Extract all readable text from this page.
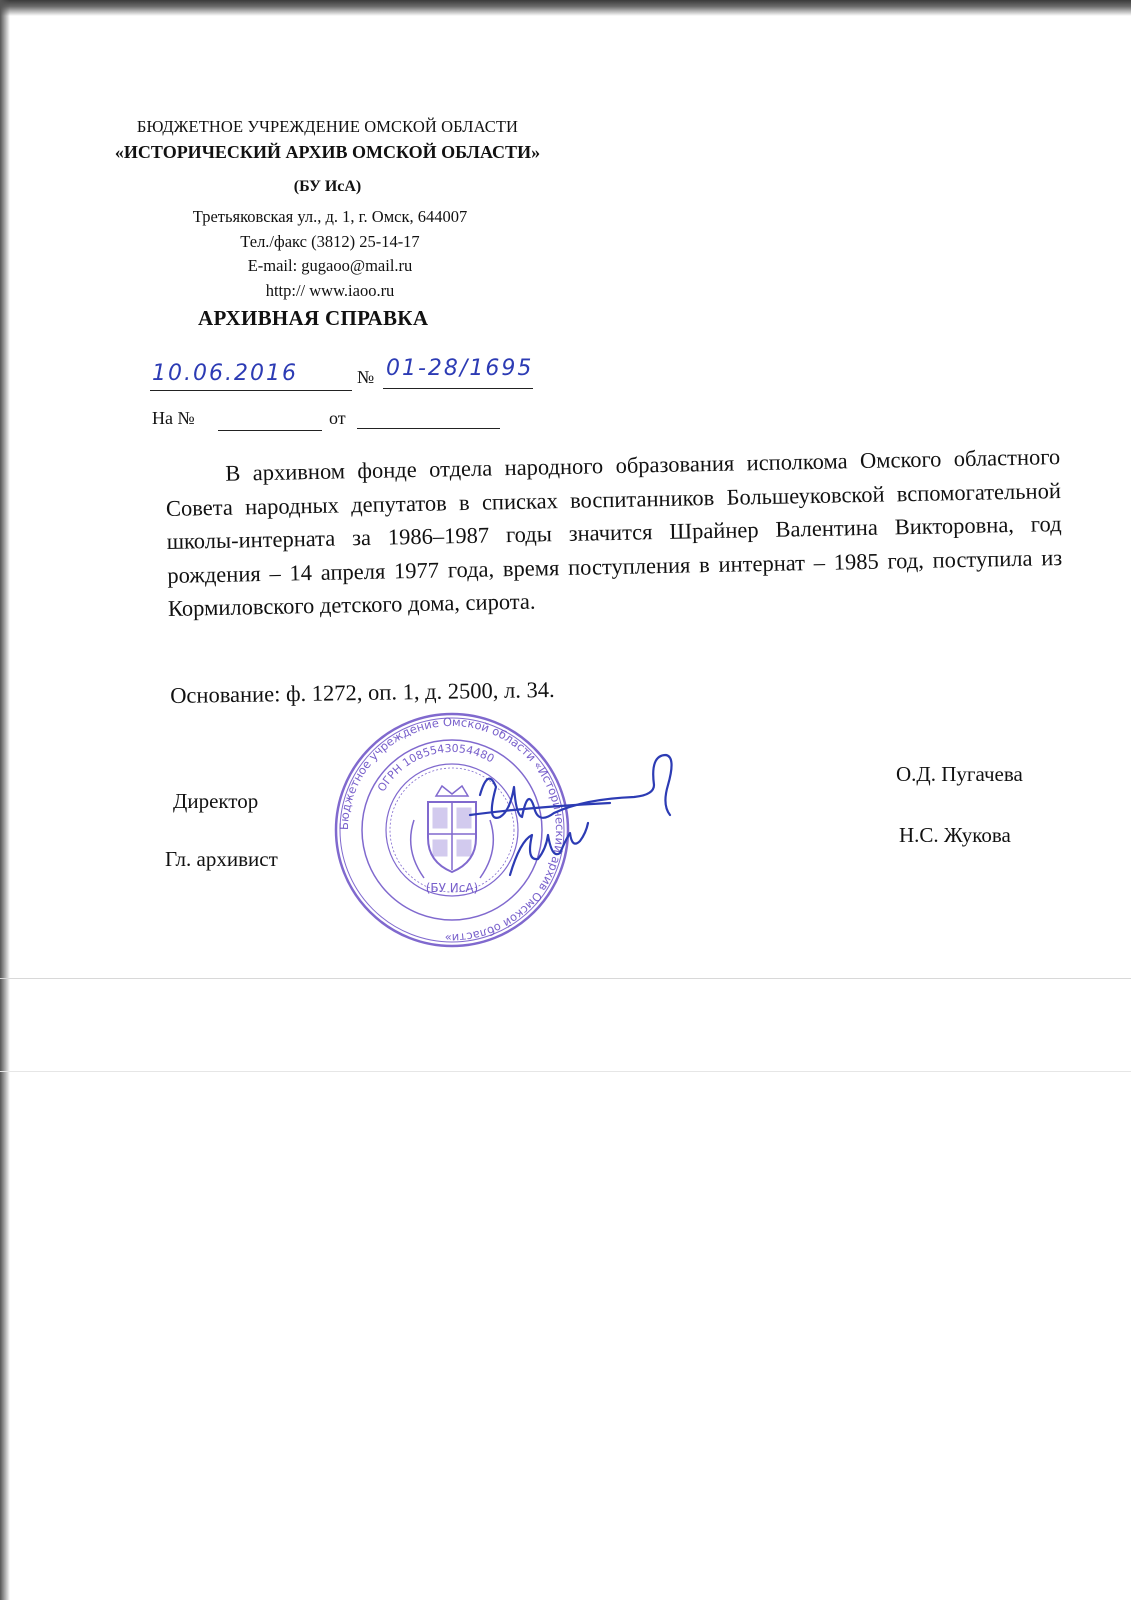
БЮДЖЕТНОЕ УЧРЕЖДЕНИЕ ОМСКОЙ ОБЛАСТИ
«ИСТОРИЧЕСКИЙ АРХИВ ОМСКОЙ ОБЛАСТИ»
(БУ ИсА)
Третьяковская ул., д. 1, г. Омск, 644007
Тел./факс (3812) 25-14-17
E-mail: gugaoo@mail.ru
http:// www.iaoo.ru
АРХИВНАЯ СПРАВКА
10.06.2016	№ 01-28/1695
На №	от

В архивном фонде отдела народного образования исполкома Омского областного Совета народных депутатов в списках воспитанников Большеуковской вспомогательной школы-интерната за 1986–1987 годы значится Шрайнер Валентина Викторовна, год рождения – 14 апреля 1977 года, время поступления в интернат – 1985 год, поступила из Кормиловского детского дома, сирота.

Основание: ф. 1272, оп. 1, д. 2500, л. 34.
Директор
Гл. архивист
О.Д. Пугачева
Н.С. Жукова
Бюджетное учреждение Омской области «Исторический архив Омской области»
ОГРН 1085543054480
(БУ ИсА)
